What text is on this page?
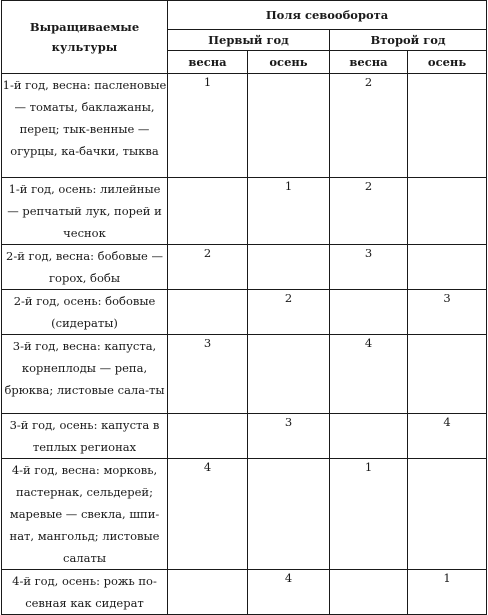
Выращиваемые культуры	Поля севооборота			
	Первый год		Второй год	
	весна	осень	весна	осень
1-й год, весна: пасленовые — томаты, баклажаны, перец; тык-венные — огурцы, ка-бачки, тыква	1		2	
1-й год, осень: лилейные — репчатый лук, порей и чеснок		1	2	
2-й год, весна: бобовые — горох, бобы	2		3	
2-й год, осень: бобовые (сидераты)		2		3
3-й год, весна: капуста, корнеплоды — репа, брюква; листовые сала-ты	3		4	
3-й год, осень: капуста в теплых регионах		3		4
4-й год, весна: морковь, пастернак, сельдерей; маревые — свекла, шпи-нат, мангольд; листовые салаты	4		1	
4-й год, осень: рожь по-севная как сидерат		4		1
